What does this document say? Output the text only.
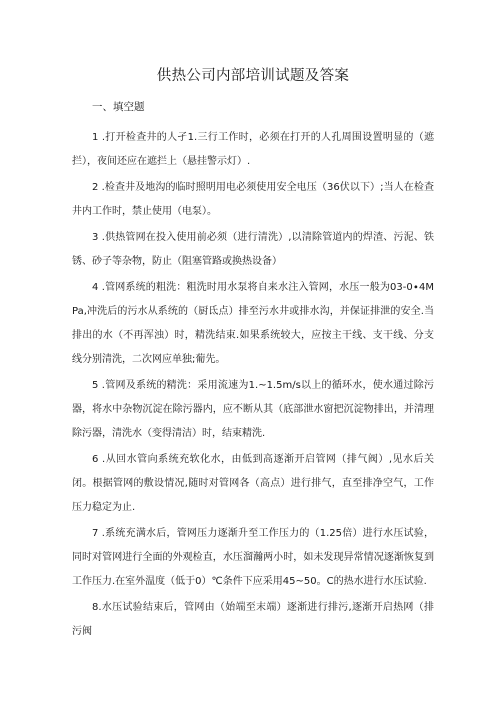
供热公司内部培训试题及答案
一、填空题

1 .打开检查井的人孑1.三行工作时，必须在打开的人孔周围设置明显的（遮拦），夜间还应在遮拦上（悬挂警示灯）.

2 .检查井及地沟的临时照明用电必须使用安全电压（36伏以下）;当人在检查井内工作时，禁止使用（电泵）。

3 .供热管网在投入使用前必须（进行清洗）,以清除管道内的焊渣、污泥、铁锈、砂子等杂物，防止（阻塞管路或换热设备）

4 .管网系统的粗洗：粗洗时用水泵将自来水注入管网，水压一般为03-0∙4MPa,冲洗后的污水从系统的（厨氐点）排至污水井或排水沟，并保证排泄的安全.当排出的水（不再浑浊）时，精洗结束.如果系统较大，应按主干线、支干线、分支线分别清洗，二次网应单独;葡先。

5 .管网及系统的精洗：采用流速为1.~1.5m∕s以上的循环水，使水通过除污器，将水中杂物沉淀在除污器内，应不断从其（底部泄水窗把沉淀物排出，并清理除污器，清洗水（变得清洁）时，结束精洗.

6 .从回水管向系统充软化水，由低到高逐渐开启管网（排气阀）,见水后关闭。根据管网的敷设情况,随时对管网各（高点）进行排气，直至排净空气，工作压力稳定为止.

7 .系统充满水后，管网压力逐渐升至工作压力的（1.25倍）进行水压试验，同时对管网进行全面的外观检直，水压溜瀚两小时，如未发现异常情况逐渐恢复到工作压力.在室外温度（低于0）℃条件下应采用45~50。C的热水进行水压试验.

8.水压试验结束后，管网由（始端至末端）逐渐进行排污,逐渐开启热网（排污阀
